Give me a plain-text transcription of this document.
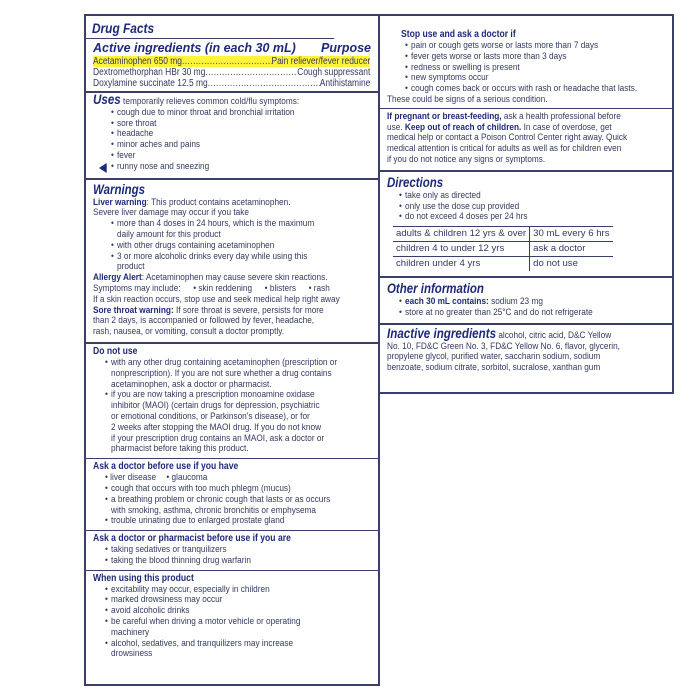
Drug Facts
Active ingredients (in each 30 mL) Purpose
Acetaminophen 650 mg .....	Pain reliever/fever reducer
Dextromethorphan HBr 30 mg .....	Cough suppressant
Doxylamine succinate 12.5 mg .....	Antihistamine
Uses temporarily relieves common cold/flu symptoms:
• cough due to minor throat and bronchial irritation
• sore throat
• headache
• minor aches and pains
• fever
• runny nose and sneezing
Warnings
Liver warning: This product contains acetaminophen.
Severe liver damage may occur if you take
• more than 4 doses in 24 hours, which is the maximum
daily amount for this product
• with other drugs containing acetaminophen
• 3 or more alcoholic drinks every day while using this
product
Allergy Alert: Acetaminophen may cause severe skin reactions.
Symptoms may include: • skin reddening • blisters • rash
If a skin reaction occurs, stop use and seek medical help right away
Sore throat warning: If sore throat is severe, persists for more
than 2 days, is accompanied or followed by fever, headache,
rash, nausea, or vomiting, consult a doctor promptly.
Do not use
• with any other drug containing acetaminophen (prescription or
nonprescription). If you are not sure whether a drug contains
acetaminophen, ask a doctor or pharmacist.
• if you are now taking a prescription monoamine oxidase
inhibitor (MAOI) (certain drugs for depression, psychiatric
or emotional conditions, or Parkinson's disease), or for
2 weeks after stopping the MAOI drug. If you do not know
if your prescription drug contains an MAOI, ask a doctor or
pharmacist before taking this product.
Ask a doctor before use if you have
• liver disease • glaucoma
• cough that occurs with too much phlegm (mucus)
• a breathing problem or chronic cough that lasts or as occurs
with smoking, asthma, chronic bronchitis or emphysema
• trouble urinating due to enlarged prostate gland
Ask a doctor or pharmacist before use if you are
• taking sedatives or tranquilizers
• taking the blood thinning drug warfarin
When using this product
• excitability may occur, especially in children
• marked drowsiness may occur
• avoid alcoholic drinks
• be careful when driving a motor vehicle or operating
machinery
• alcohol, sedatives, and tranquilizers may increase
drowsiness
Stop use and ask a doctor if
• pain or cough gets worse or lasts more than 7 days
• fever gets worse or lasts more than 3 days
• redness or swelling is present
• new symptoms occur
• cough comes back or occurs with rash or headache that lasts.
These could be signs of a serious condition.
If pregnant or breast-feeding, ask a health professional before
use. Keep out of reach of children. In case of overdose, get
medical help or contact a Poison Control Center right away. Quick
medical attention is critical for adults as well as for children even
if you do not notice any signs or symptoms.
Directions
• take only as directed
• only use the dose cup provided
• do not exceed 4 doses per 24 hrs
adults & children 12 yrs & over	30 mL every 6 hrs
children 4 to under 12 yrs	ask a doctor
children under 4 yrs	do not use
Other information
• each 30 mL contains: sodium 23 mg
• store at no greater than 25°C and do not refrigerate
Inactive ingredients alcohol, citric acid, D&C Yellow
No. 10, FD&C Green No. 3, FD&C Yellow No. 6, flavor, glycerin,
propylene glycol, purified water, saccharin sodium, sodium
benzoate, sodium citrate, sorbitol, sucralose, xanthan gum
